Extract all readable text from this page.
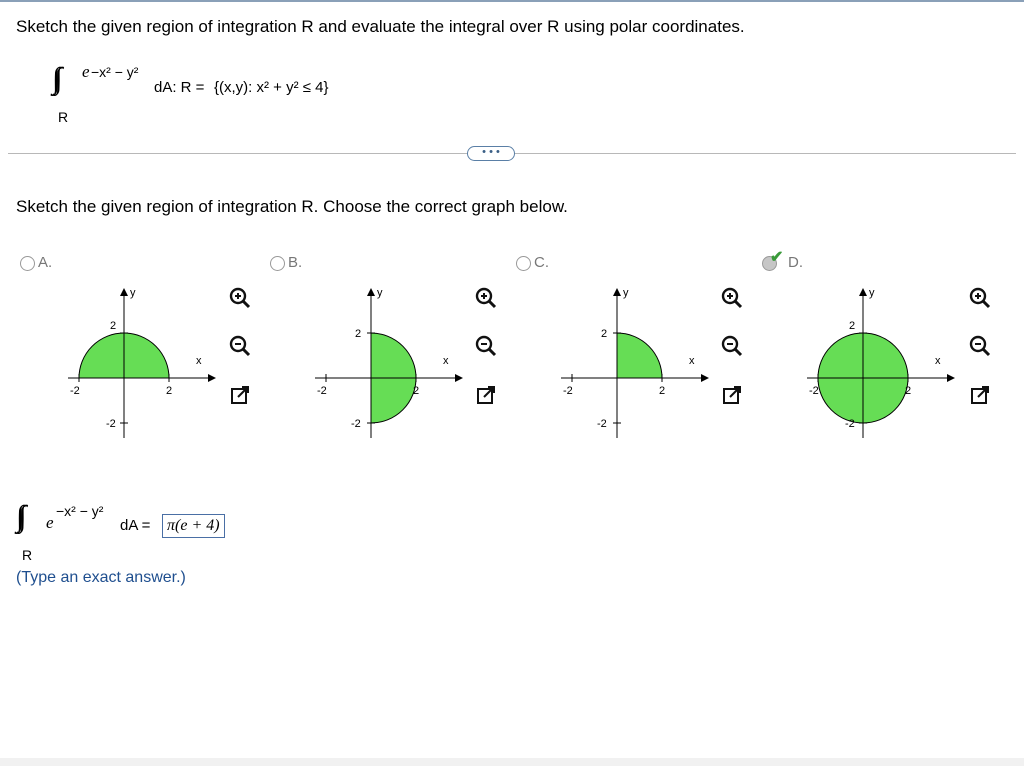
Sketch the given region of integration R and evaluate the integral over R using polar coordinates.
∫∫ e −x² − y²
dA: R = {(x,y): x² + y² ≤ 4}
R
• • •
Sketch the given region of integration R. Choose the correct graph below.
A.
y
x
2
2
-2
-2
B.
y
x
2
2
-2
-2
C.
y
x
2
2
-2
-2
✔ D.
y
x
2
2
-2
-2
∫∫ e
−x² − y²
dA =	π(e + 4)
R
(Type an exact answer.)
